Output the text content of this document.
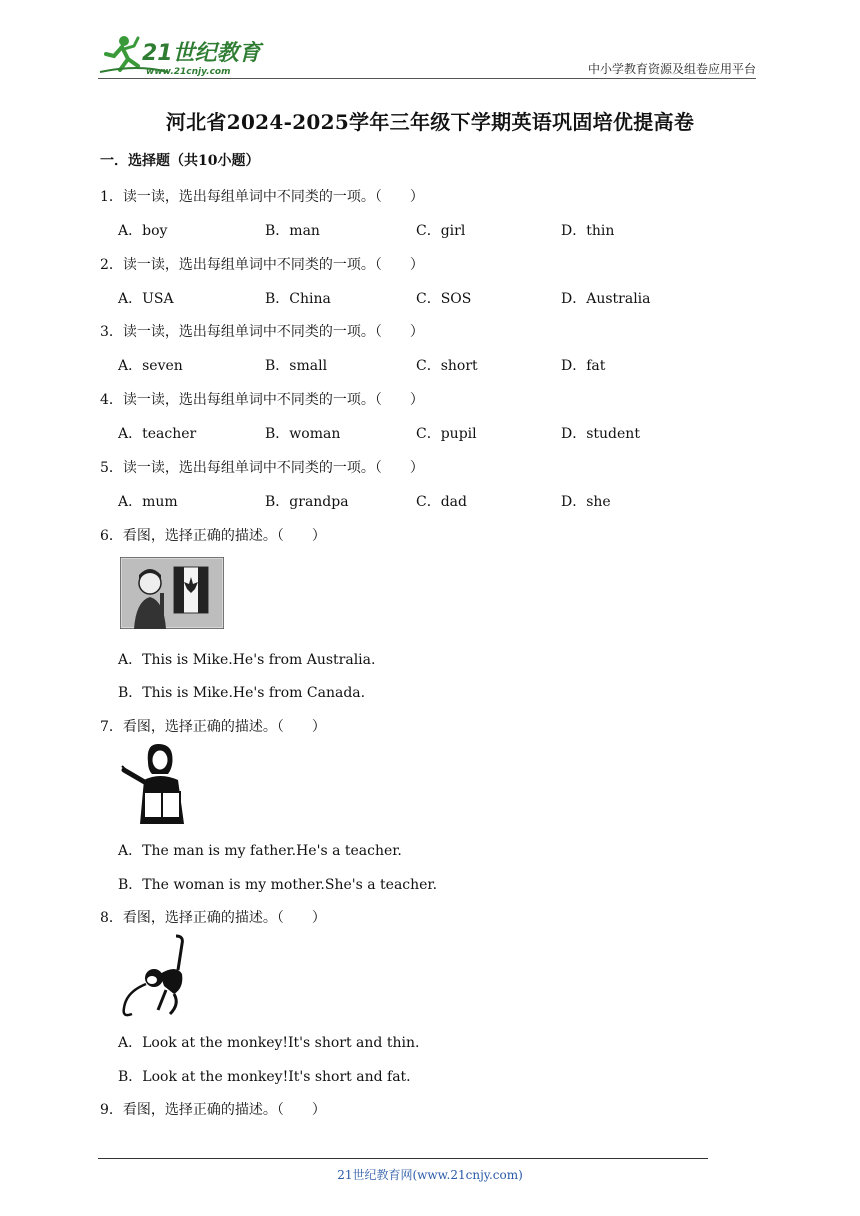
21世纪教育
www.21cnjy.com	中小学教育资源及组卷应用平台
河北省2024-2025学年三年级下学期英语巩固培优提高卷
一．选择题（共10小题）
1．读一读，选出每组单词中不同类的一项。（　　）
A．boy	B．man	C．girl	D．thin
2．读一读，选出每组单词中不同类的一项。（　　）
A．USA	B．China	C．SOS	D．Australia
3．读一读，选出每组单词中不同类的一项。（　　）
A．seven	B．small	C．short	D．fat
4．读一读，选出每组单词中不同类的一项。（　　）
A．teacher	B．woman	C．pupil	D．student
5．读一读，选出每组单词中不同类的一项。（　　）
A．mum	B．grandpa	C．dad	D．she
6．看图，选择正确的描述。（　　）
A．This is Mike.He's from Australia.
B．This is Mike.He's from Canada.
7．看图，选择正确的描述。（　　）
A．The man is my father.He's a teacher.
B．The woman is my mother.She's a teacher.
8．看图，选择正确的描述。（　　）
A．Look at the monkey!It's short and thin.
B．Look at the monkey!It's short and fat.
9．看图，选择正确的描述。（　　）
21世纪教育网(www.21cnjy.com)
